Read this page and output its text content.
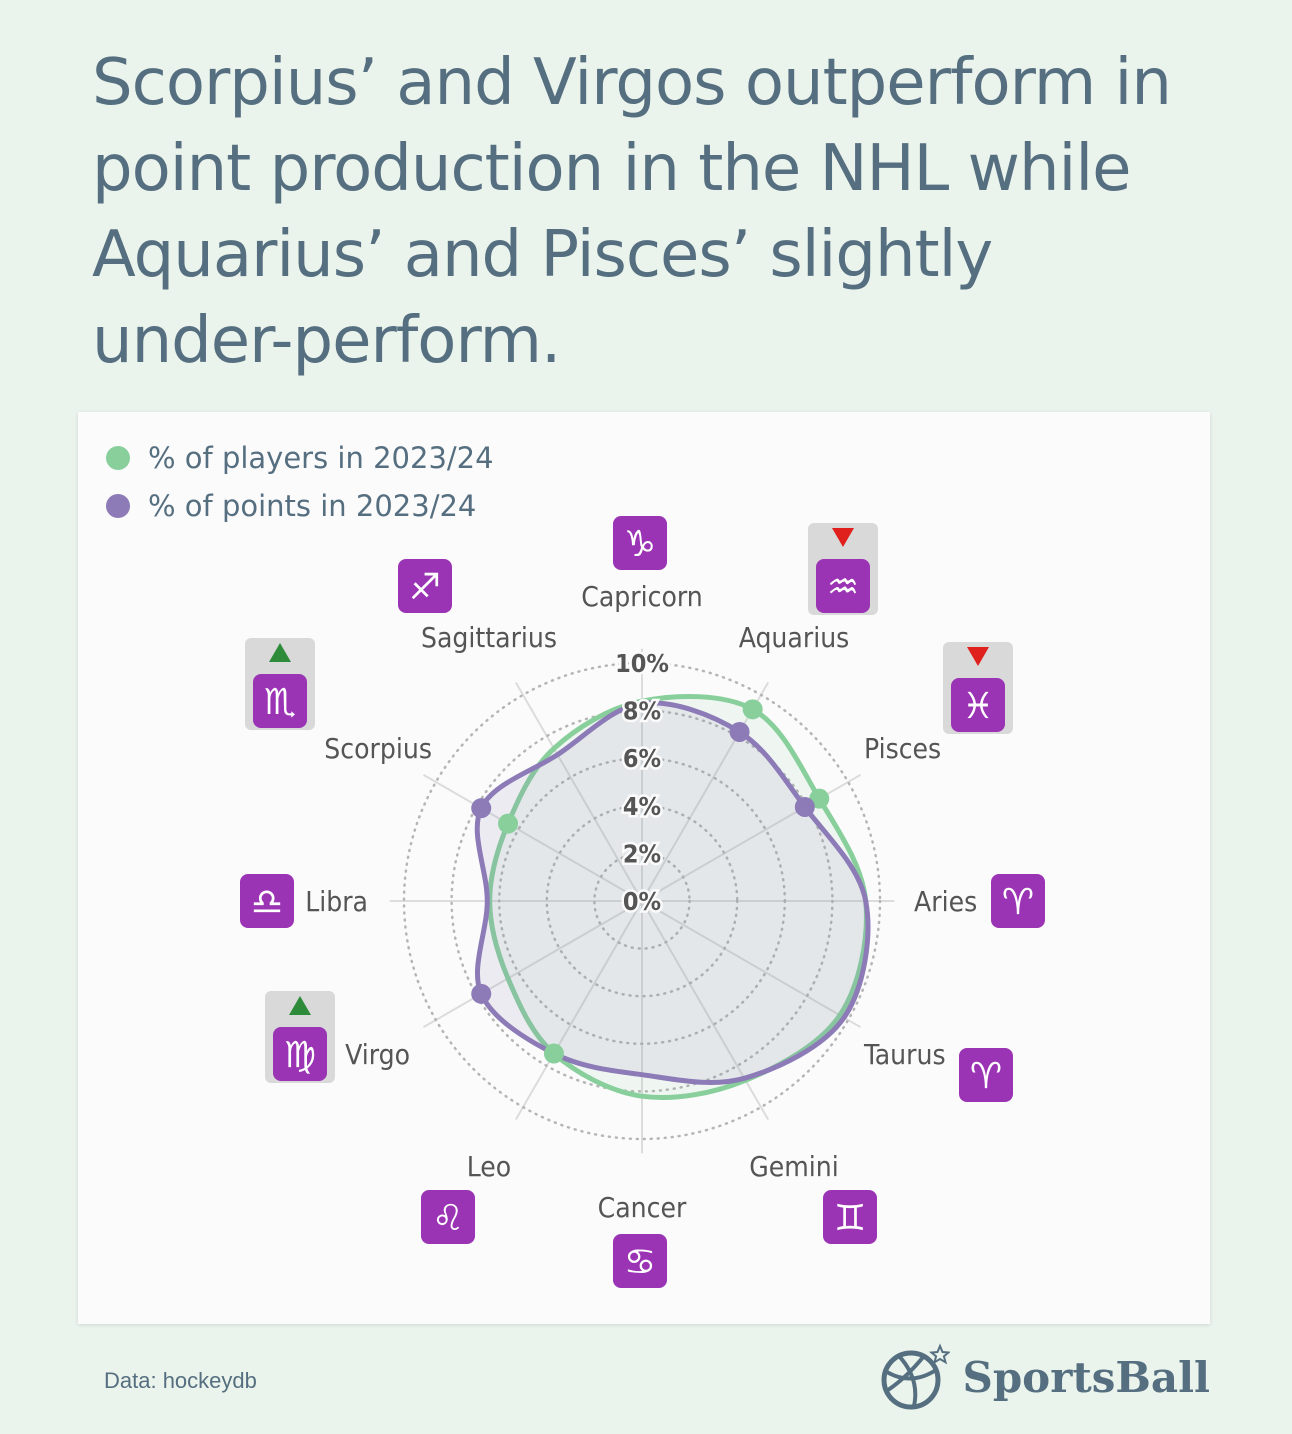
Scorpius’ and Virgos outperform in point production in the NHL while Aquarius’ and Pisces’ slightly under-perform.
% of players in 2023/24
% of points in 2023/24
0%
2%
4%
6%
8%
10%
Capricorn
♑
Aquarius
♒
Pisces
♓
Aries ♈
Taurus
♈
Gemini
♊
Cancer
♋
Leo
♌
Virgo
♍
Libra
♎
Scorpius
♏
Sagittarius
♐
Data: hockeydb	SportsBall
